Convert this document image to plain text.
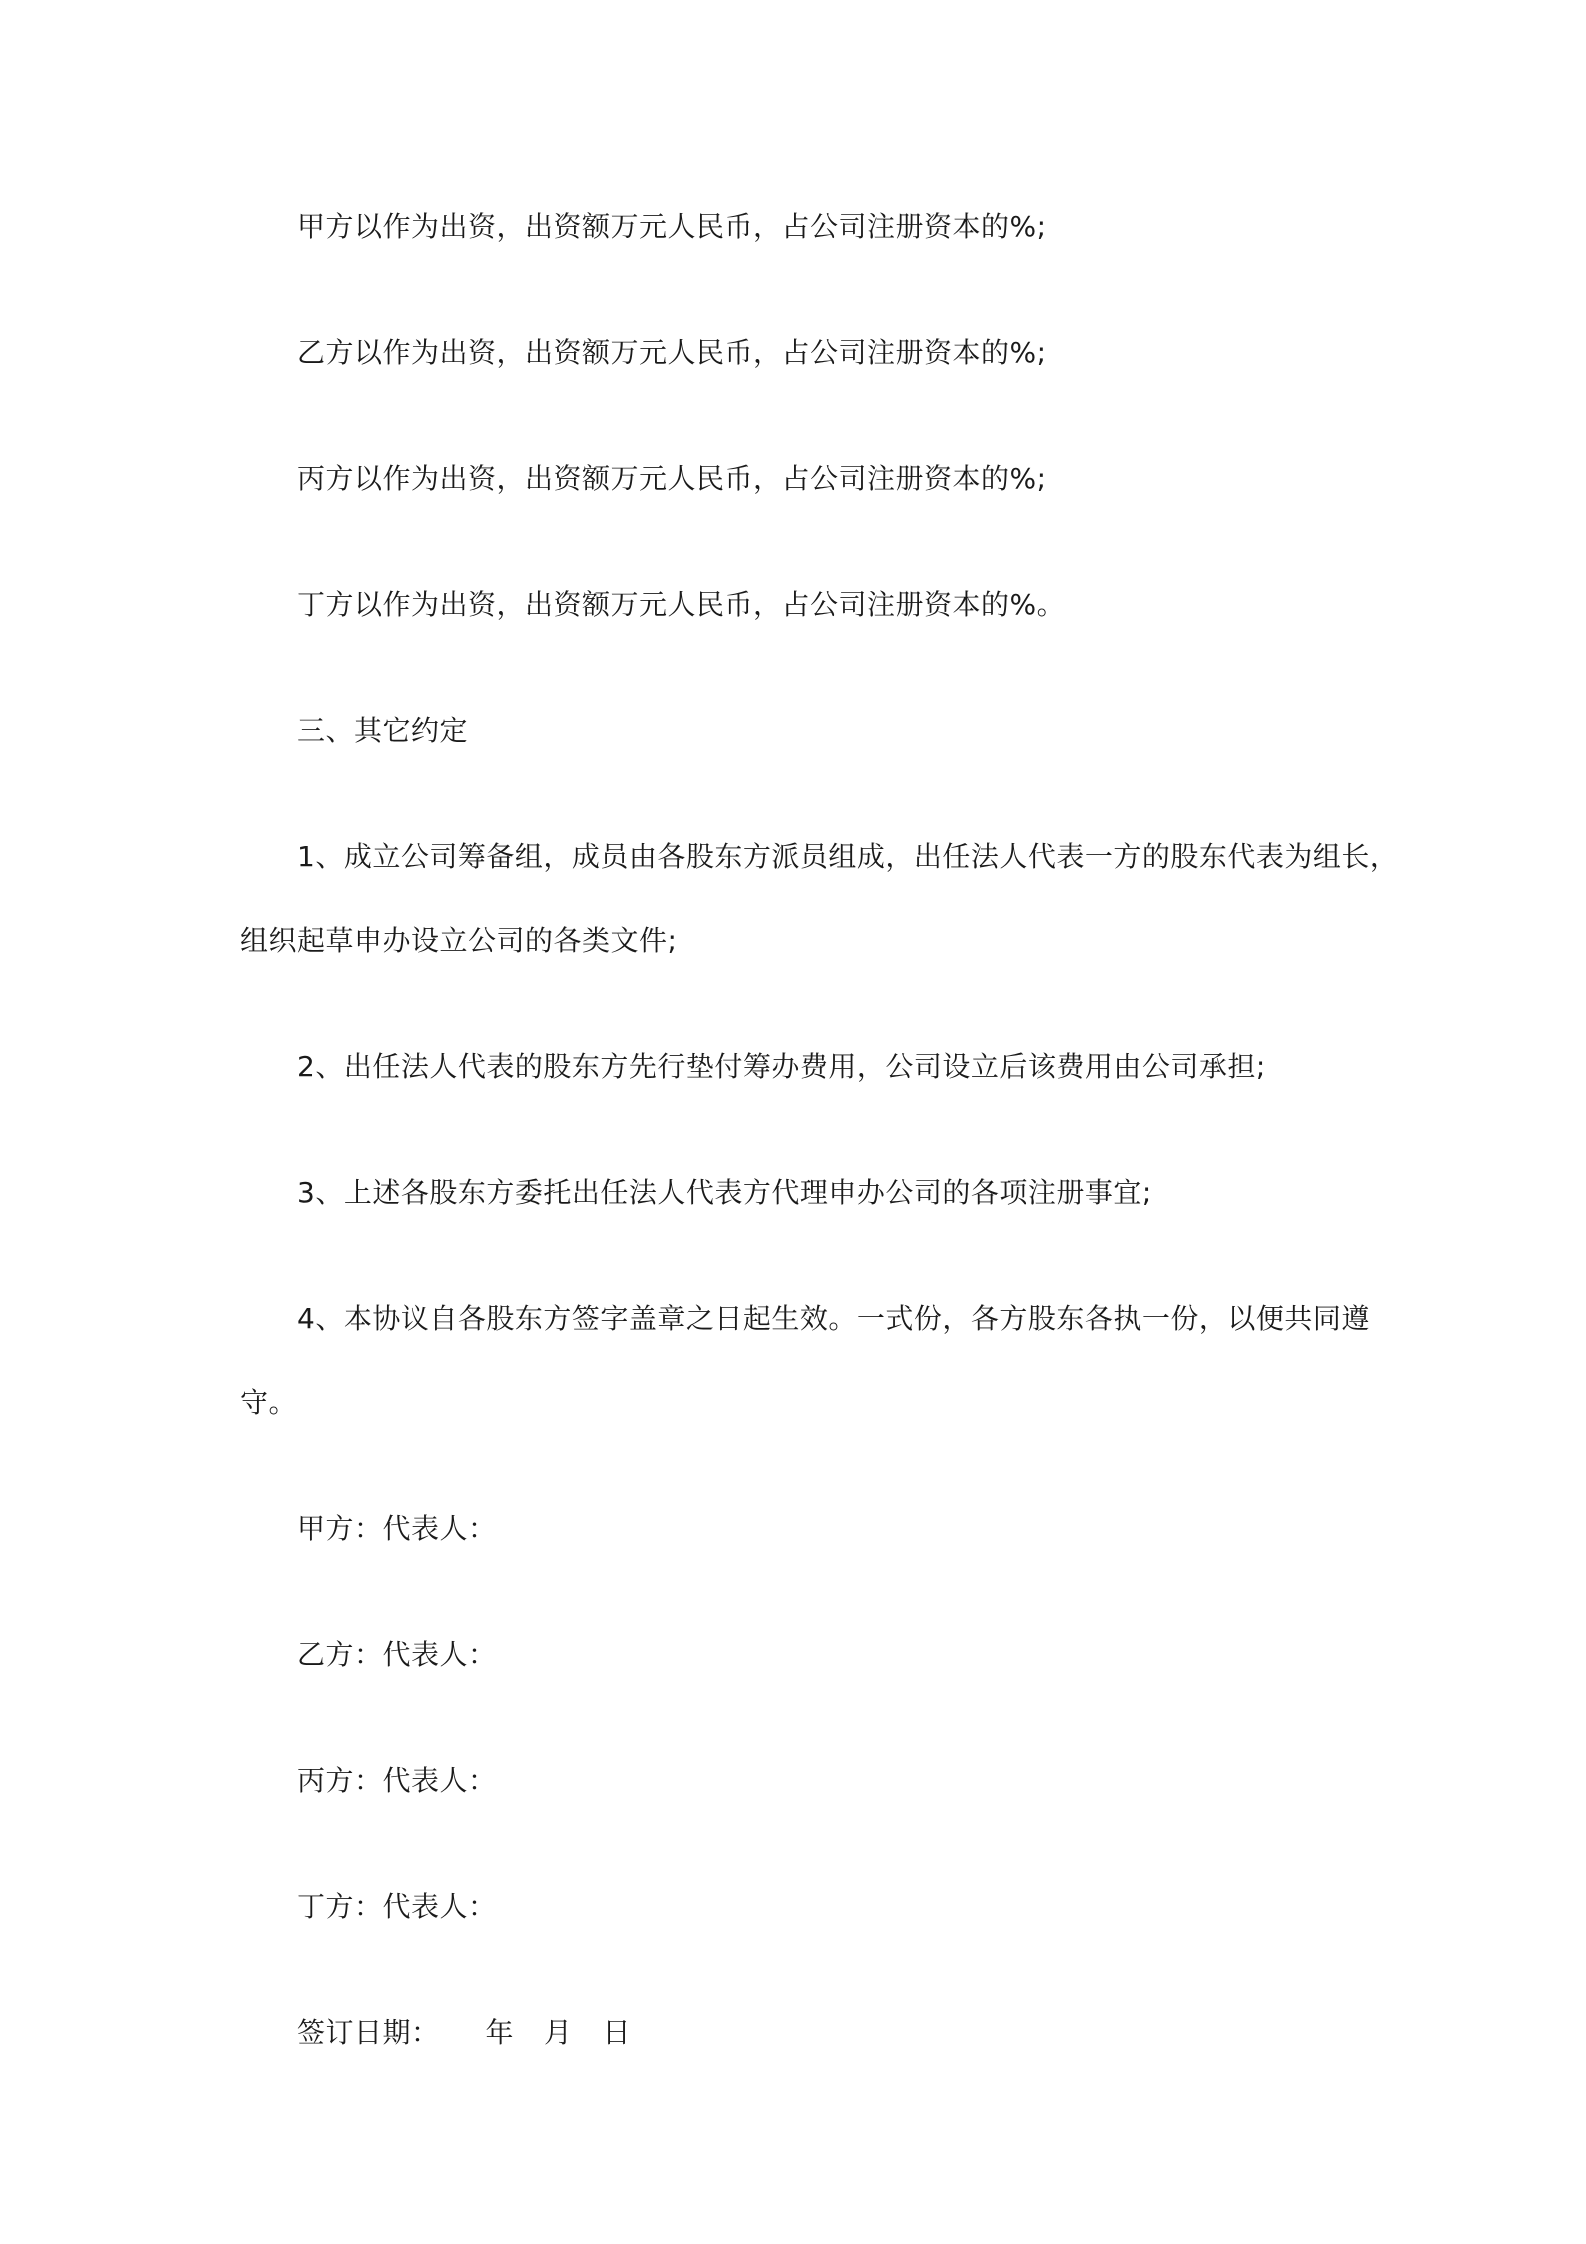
甲方以作为出资，出资额万元人民币，占公司注册资本的%;
乙方以作为出资，出资额万元人民币，占公司注册资本的%;
丙方以作为出资，出资额万元人民币，占公司注册资本的%;
丁方以作为出资，出资额万元人民币，占公司注册资本的%。
三、其它约定
1、成立公司筹备组，成员由各股东方派员组成，出任法人代表一方的股东代表为组长，
组织起草申办设立公司的各类文件;
2、出任法人代表的股东方先行垫付筹办费用，公司设立后该费用由公司承担;
3、上述各股东方委托出任法人代表方代理申办公司的各项注册事宜;
4、本协议自各股东方签字盖章之日起生效。一式份，各方股东各执一份，以便共同遵
守。
甲方：代表人：
乙方：代表人：
丙方：代表人：
丁方：代表人：
签订日期： 年 月 日
